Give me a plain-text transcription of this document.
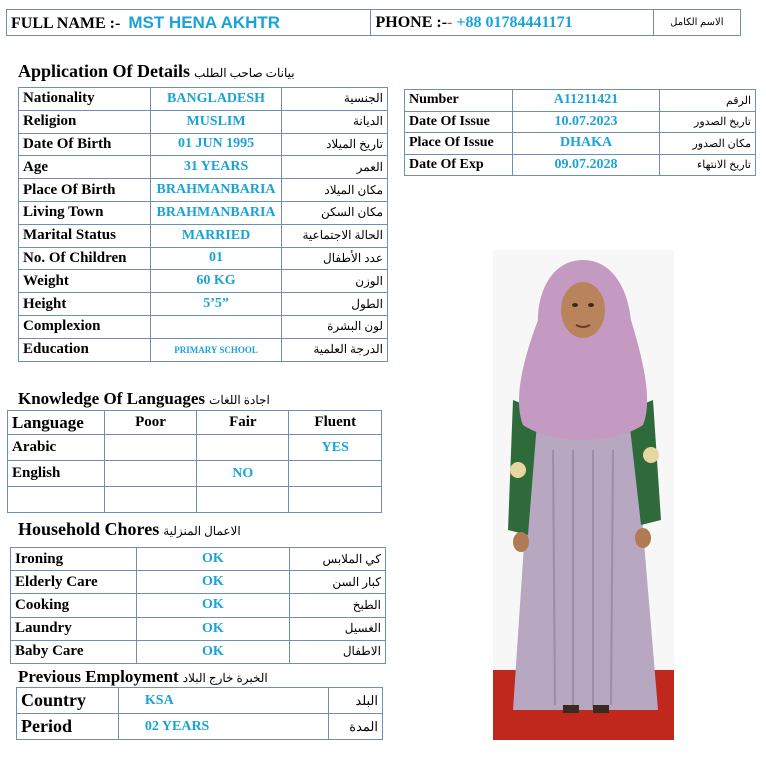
FULL NAME :- MST HENA AKHTR	PHONE :-- +88 01784441171	الاسم الكامل
Application Of Details بيانات صاحب الطلب
Nationality	BANGLADESH	الجنسية
Religion	MUSLIM	الديانة
Date Of Birth	01 JUN 1995	تاريخ الميلاد
Age	31 YEARS	العمر
Place Of Birth	BRAHMANBARIA	مكان الميلاد
Living Town	BRAHMANBARIA	مكان السكن
Marital Status	MARRIED	الحالة الاجتماعية
No. Of Children	01	عدد الأطفال
Weight	60 KG	الوزن
Height	5’5”	الطول
Complexion		لون البشرة
Education	PRIMARY SCHOOL	الدرجة العلمية
Number	A11211421	الرقم
Date Of Issue	10.07.2023	تاريخ الصدور
Place Of Issue	DHAKA	مكان الصدور
Date Of Exp	09.07.2028	تاريخ الانتهاء
Knowledge Of Languages اجادة اللغات
Language	Poor	Fair	Fluent
Arabic			YES
English		NO	

Household Chores الاعمال المنزلية
Ironing	OK	كي الملابس
Elderly Care	OK	كبار السن
Cooking	OK	الطبخ
Laundry	OK	الغسيل
Baby Care	OK	الاطفال
Previous Employment الخبرة خارج البلاد
Country	KSA	البلد
Period	02 YEARS	المدة
